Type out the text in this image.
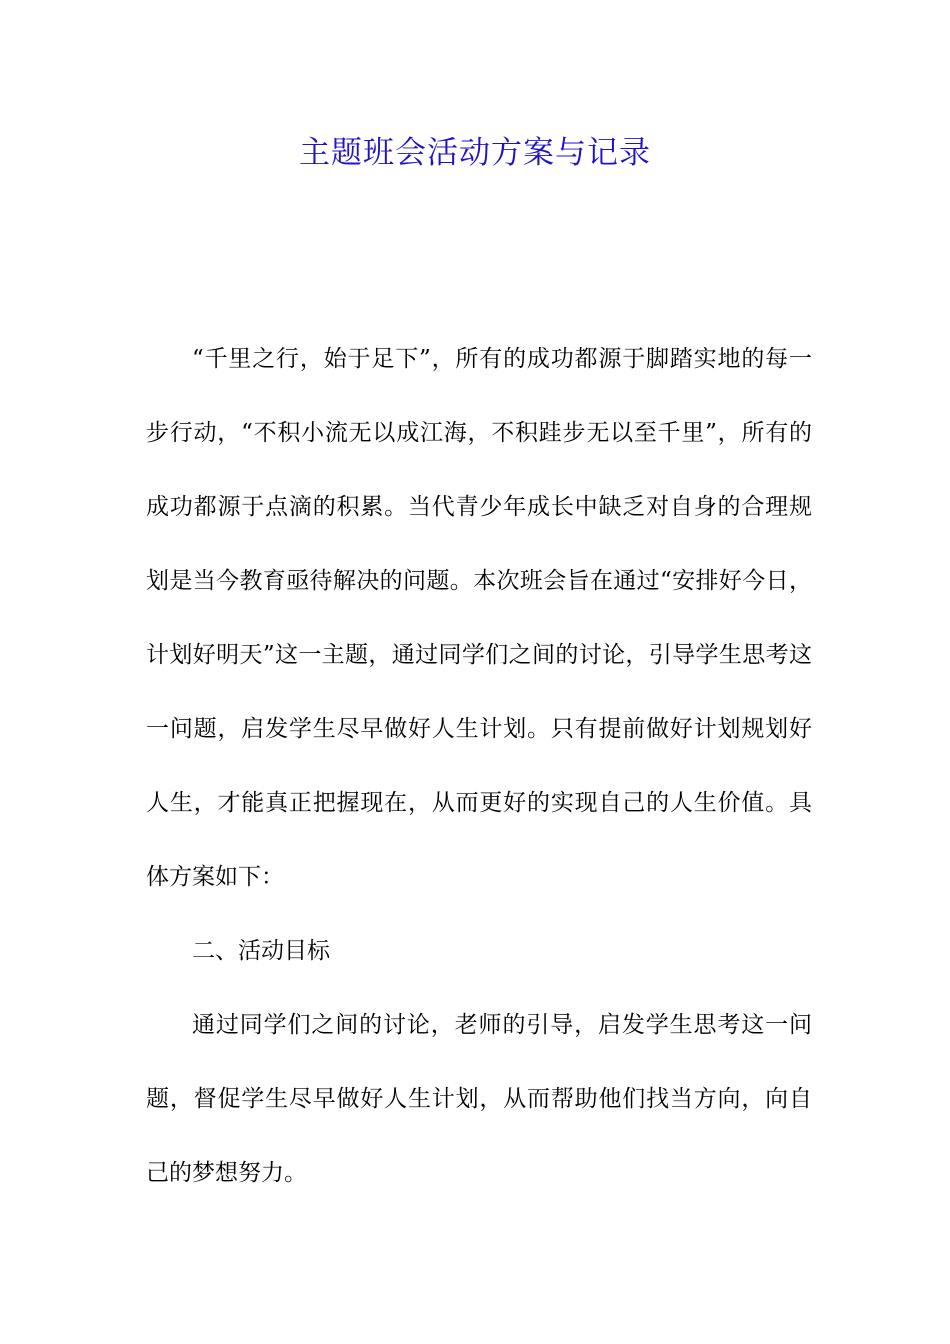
主题班会活动方案与记录

“千里之行，始于足下”，所有的成功都源于脚踏实地的每一步行动，“不积小流无以成江海，不积跬步无以至千里”，所有的成功都源于点滴的积累。当代青少年成长中缺乏对自身的合理规划是当今教育亟待解决的问题。本次班会旨在通过“安排好今日，计划好明天”这一主题，通过同学们之间的讨论，引导学生思考这一问题，启发学生尽早做好人生计划。只有提前做好计划规划好人生，才能真正把握现在，从而更好的实现自己的人生价值。具体方案如下：

二、活动目标

通过同学们之间的讨论，老师的引导，启发学生思考这一问题，督促学生尽早做好人生计划，从而帮助他们找当方向，向自己的梦想努力。
